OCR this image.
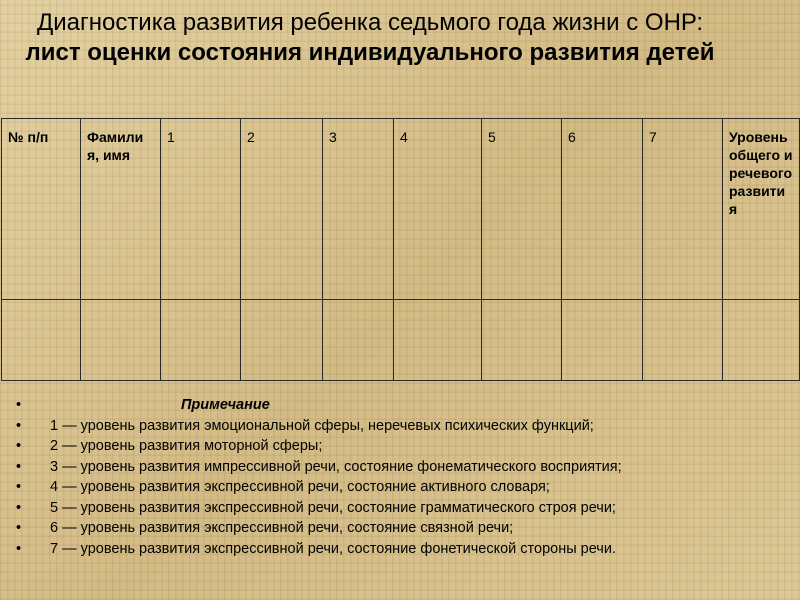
Диагностика развития ребенка седьмого года жизни с ОНР: лист оценки состояния индивидуального развития детей
№ п/п	Фамилия, имя	1	2	3	4	5	6	7	Уровень общего и речевого развития

•	Примечание
•	1 — уровень развития эмоциональной сферы, неречевых психических функций;
•	2 — уровень развития моторной сферы;
•	3 — уровень развития импрессивной речи, состояние фонематического восприятия;
•	4 — уровень развития экспрессивной речи, состояние активного словаря;
•	5 — уровень развития экспрессивной речи, состояние грамматического строя речи;
•	6 — уровень развития экспрессивной речи, состояние связной речи;
•	7 — уровень развития экспрессивной речи, состояние фонетической стороны речи.
